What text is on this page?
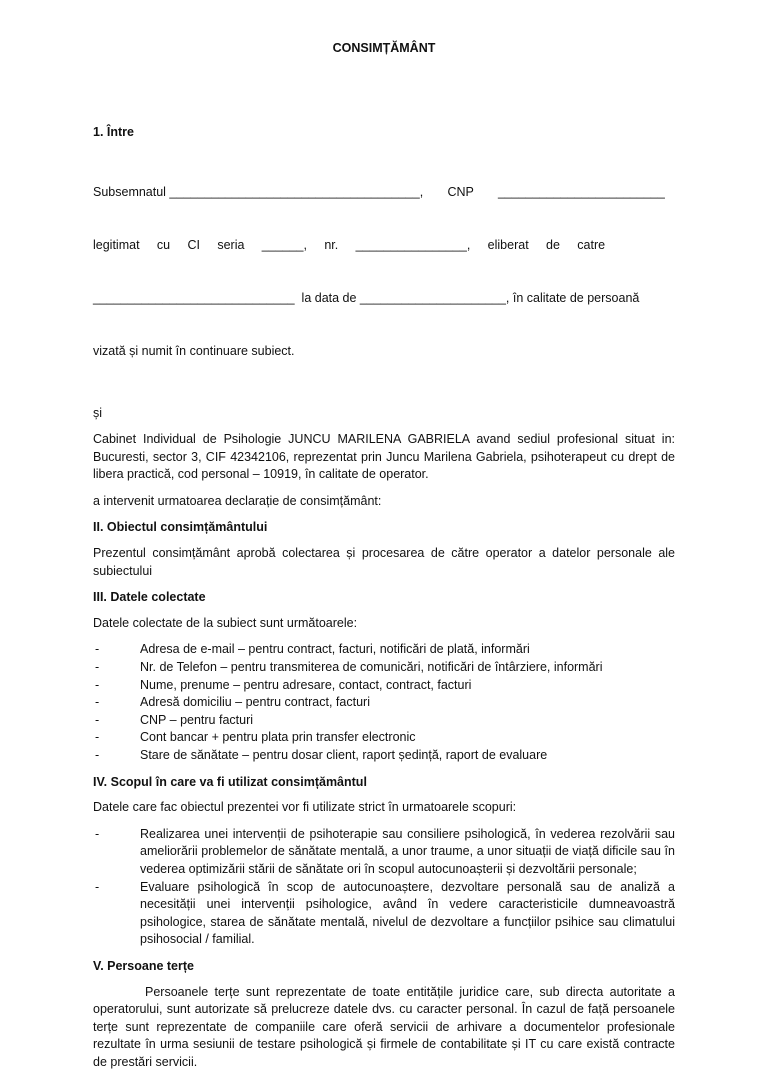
CONSIMȚĂMÂNT
1. Între

Subsemnatul ____________________________________,       CNP       ________________________

legitimat     cu     CI     seria     ______,     nr.     ________________,     eliberat     de     catre

_____________________________  la data de _____________________, în calitate de persoană

vizată și numit în continuare subiect.

și
Cabinet Individual de Psihologie JUNCU MARILENA GABRIELA avand sediul profesional situat in: Bucuresti, sector 3, CIF 42342106, reprezentat prin Juncu Marilena Gabriela, psihoterapeut cu drept de libera practică, cod personal – 10919, în calitate de operator.
a intervenit urmatoarea declarație de consimțământ:
II. Obiectul consimțământului
Prezentul consimțământ aprobă colectarea și procesarea de către operator a datelor personale ale subiectului
III. Datele colectate
Datele colectate de la subiect sunt următoarele:
- Adresa de e-mail – pentru contract, facturi, notificări de plată, informări
- Nr. de Telefon – pentru transmiterea de comunicări, notificări de întârziere, informări
- Nume, prenume – pentru adresare, contact, contract, facturi
- Adresă domiciliu – pentru contract, facturi
- CNP – pentru facturi
- Cont bancar + pentru plata prin transfer electronic
- Stare de sănătate – pentru dosar client, raport ședință, raport de evaluare
IV. Scopul în care va fi utilizat consimțământul
Datele care fac obiectul prezentei vor fi utilizate strict în urmatoarele scopuri:
- Realizarea unei intervenții de psihoterapie sau consiliere psihologică, în vederea rezolvării sau ameliorării problemelor de sănătate mentală, a unor traume, a unor situații de viață dificile sau în vederea optimizării stării de sănătate ori în scopul autocunoașterii și dezvoltării personale;
- Evaluare psihologică în scop de autocunoaștere, dezvoltare personală sau de analiză a necesității unei intervenții psihologice, având în vedere caracteristicile dumneavoastră psihologice, starea de sănătate mentală, nivelul de dezvoltare a funcțiilor psihice sau climatului psihosocial / familial.
V. Persoane terțe
Persoanele terțe sunt reprezentate de toate entitățile juridice care, sub directa autoritate a operatorului, sunt autorizate să prelucreze datele dvs. cu caracter personal. În cazul de față persoanele terțe sunt reprezentate de companiile care oferă servicii de arhivare a documentelor profesionale rezultate în urma sesiunii de testare psihologică și firmele de contabilitate și IT cu care există contracte de prestări servicii.
